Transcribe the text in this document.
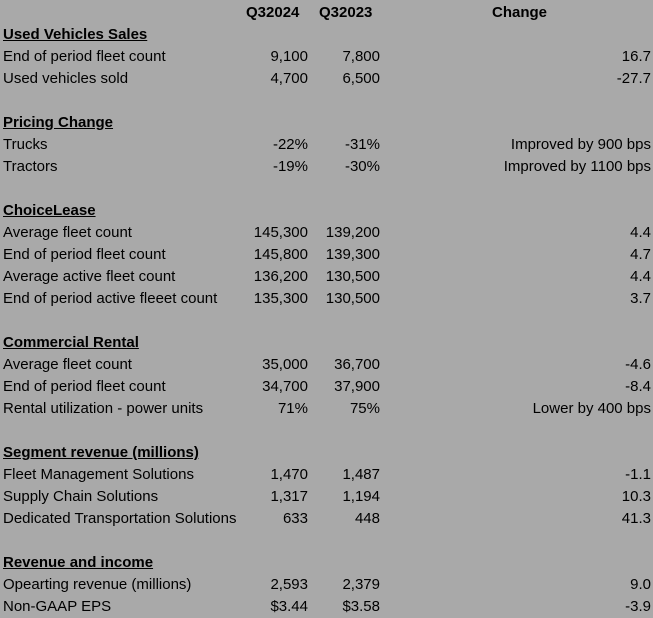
Q32024	Q32023	Change
Used Vehicles Sales
End of period fleet count	9,100	7,800	16.7
Used vehicles sold	4,700	6,500	-27.7
Pricing Change
Trucks	-22%	-31%	Improved by 900 bps
Tractors	-19%	-30%	Improved by 1100 bps
ChoiceLease
Average fleet count	145,300	139,200	4.4
End of period fleet count	145,800	139,300	4.7
Average active fleet count	136,200	130,500	4.4
End of period active fleeet count	135,300	130,500	3.7
Commercial Rental
Average fleet count	35,000	36,700	-4.6
End of period fleet count	34,700	37,900	-8.4
Rental utilization - power units	71%	75%	Lower by 400 bps
Segment revenue (millions)
Fleet Management Solutions	1,470	1,487	-1.1
Supply Chain Solutions	1,317	1,194	10.3
Dedicated Transportation Solutions	633	448	41.3
Revenue and income
Opearting revenue (millions)	2,593	2,379	9.0
Non-GAAP EPS	$3.44	$3.58	-3.9
